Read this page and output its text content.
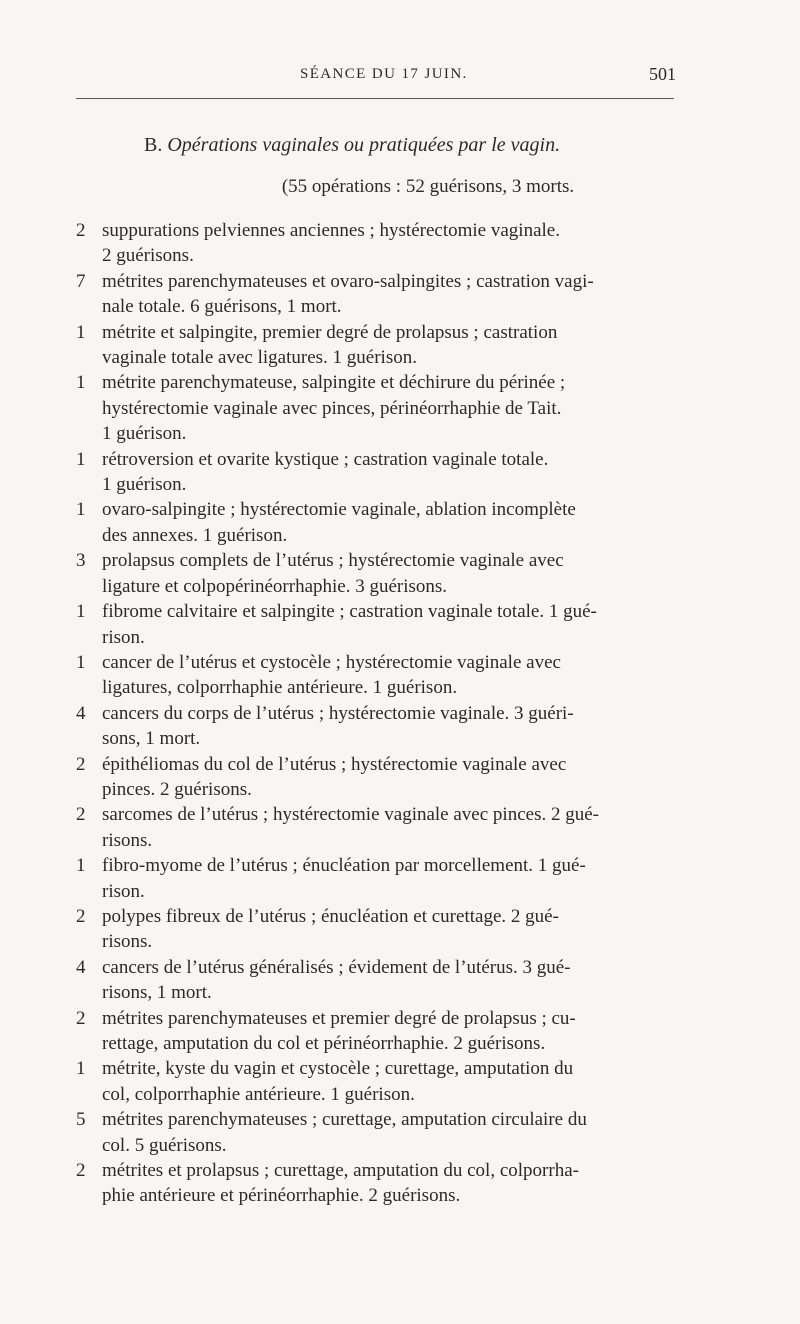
SÉANCE DU 17 JUIN.	501
B. Opérations vaginales ou pratiquées par le vagin.
(55 opérations : 52 guérisons, 3 morts.
2 suppurations pelviennes anciennes ; hystérectomie vaginale.
2 guérisons.
7 métrites parenchymateuses et ovaro-salpingites ; castration vagi-
nale totale. 6 guérisons, 1 mort.
1 métrite et salpingite, premier degré de prolapsus ; castration
vaginale totale avec ligatures. 1 guérison.
1 métrite parenchymateuse, salpingite et déchirure du périnée ;
hystérectomie vaginale avec pinces, périnéorrhaphie de Tait.
1 guérison.
1 rétroversion et ovarite kystique ; castration vaginale totale.
1 guérison.
1 ovaro-salpingite ; hystérectomie vaginale, ablation incomplète
des annexes. 1 guérison.
3 prolapsus complets de l’utérus ; hystérectomie vaginale avec
ligature et colpopérinéorrhaphie. 3 guérisons.
1 fibrome calvitaire et salpingite ; castration vaginale totale. 1 gué-
rison.
1 cancer de l’utérus et cystocèle ; hystérectomie vaginale avec
ligatures, colporrhaphie antérieure. 1 guérison.
4 cancers du corps de l’utérus ; hystérectomie vaginale. 3 guéri-
sons, 1 mort.
2 épithéliomas du col de l’utérus ; hystérectomie vaginale avec
pinces. 2 guérisons.
2 sarcomes de l’utérus ; hystérectomie vaginale avec pinces. 2 gué-
risons.
1 fibro-myome de l’utérus ; énucléation par morcellement. 1 gué-
rison.
2 polypes fibreux de l’utérus ; énucléation et curettage. 2 gué-
risons.
4 cancers de l’utérus généralisés ; évidement de l’utérus. 3 gué-
risons, 1 mort.
2 métrites parenchymateuses et premier degré de prolapsus ; cu-
rettage, amputation du col et périnéorrhaphie. 2 guérisons.
1 métrite, kyste du vagin et cystocèle ; curettage, amputation du
col, colporrhaphie antérieure. 1 guérison.
5 métrites parenchymateuses ; curettage, amputation circulaire du
col. 5 guérisons.
2 métrites et prolapsus ; curettage, amputation du col, colporrha-
phie antérieure et périnéorrhaphie. 2 guérisons.
